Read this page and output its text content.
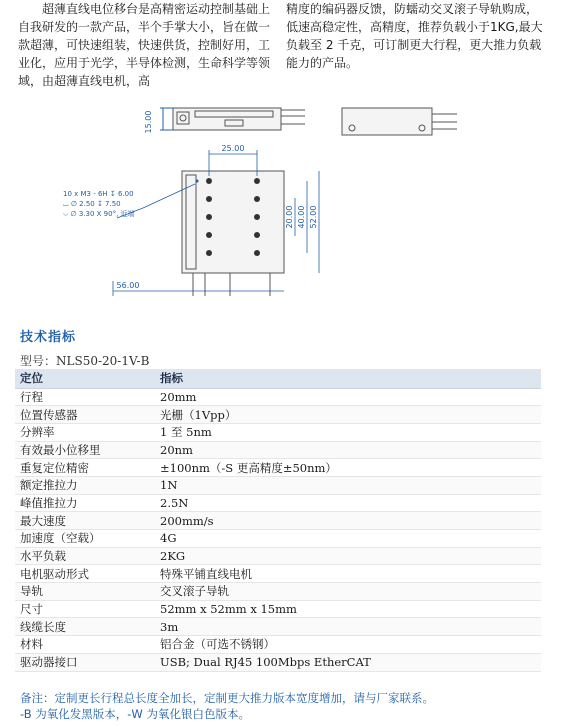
超薄直线电位移台是高精密运动控制基础上自我研发的一款产品，半个手掌大小，旨在做一款超薄，可快速组装，快速供货，控制好用，工业化，应用于光学，半导体检测，生命科学等领域，由超薄直线电机，高

精度的编码器反馈，防蠕动交叉滚子导轨购成，低速高稳定性，高精度，推荐负载小于1KG,最大负载至 2 千克，可订制更大行程，更大推力负载能力的产品。

15.00
25.00
20.00 40.00 52.00
56.00
10 x M3 - 6H ↧ 6.00
⌴ ∅ 2.50 ↧ 7.50
⌵ ∅ 3.30 X 90°, 近端
技术指标
型号：NLS50-20-1V-B
定位	指标
行程	20mm
位置传感器	光栅（1Vpp）
分辨率	1 至 5nm
有效最小位移里	20nm
重复定位精密	±100nm（-S 更高精度±50nm）
额定推拉力	1N
峰值推拉力	2.5N
最大速度	200mm/s
加速度（空载）	4G
水平负载	2KG
电机驱动形式	特殊平铺直线电机
导轨	交叉滚子导轨
尺寸	52mm x 52mm x 15mm
线缆长度	3m
材料	铝合金（可选不锈钢）
驱动器接口	USB; Dual RJ45 100Mbps EtherCAT
备注：定制更长行程总长度全加长，定制更大推力版本宽度增加，请与厂家联系。
-B 为氧化发黑版本，-W 为氧化银白色版本。
